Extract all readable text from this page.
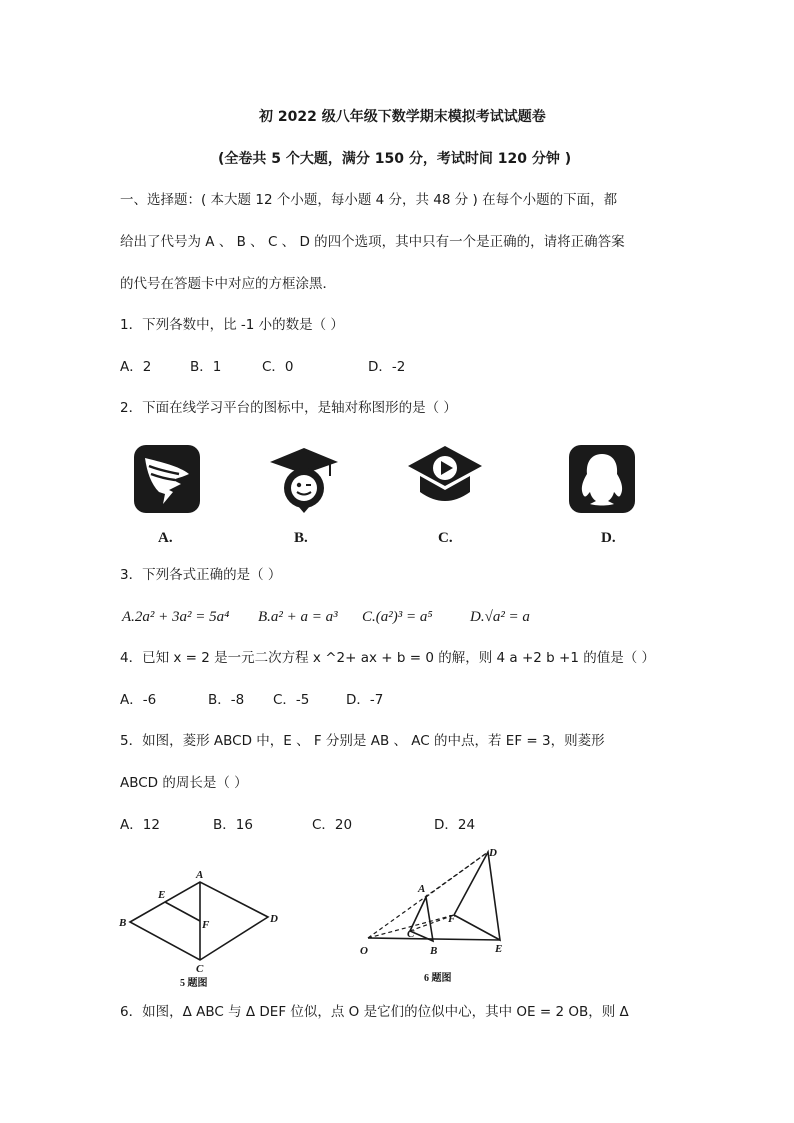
初 2022 级八年级下数学期末模拟考试试题卷
(全卷共 5 个大题，满分 150 分，考试时间 120 分钟 )
一、选择题：( 本大题 12 个小题，每小题 4 分，共 48 分 ) 在每个小题的下面，都
给出了代号为 A 、 B 、 C 、 D 的四个选项，其中只有一个是正确的，请将正确答案
的代号在答题卡中对应的方框涂黑．
1．下列各数中，比 -1 小的数是（ ）
A．2	B．1	C．0	D．-2
2．下面在线学习平台的图标中，是轴对称图形的是（ ）
A.	B.	C.	D.
3．下列各式正确的是（ ）
A.2a² + 3a² = 5a⁴ B.a² + a = a³ C.(a²)³ = a⁵ D.√a² = a
4．已知 x = 2 是一元二次方程 x ^2+ ax + b = 0 的解，则 4 a +2 b +1 的值是（ ）
A．-6	B．-8 C．-5	D．-7
5．如图，菱形 ABCD 中，E 、 F 分别是 AB 、 AC 的中点，若 EF = 3，则菱形
ABCD 的周长是（ ）
A．12	B．16	C．20	D．24
A
B
C
D
E
F
5 题图
A
B
C
D
E
F
O
6 题图
6．如图，Δ ABC 与 Δ DEF 位似，点 O 是它们的位似中心，其中 OE = 2 OB，则 Δ
